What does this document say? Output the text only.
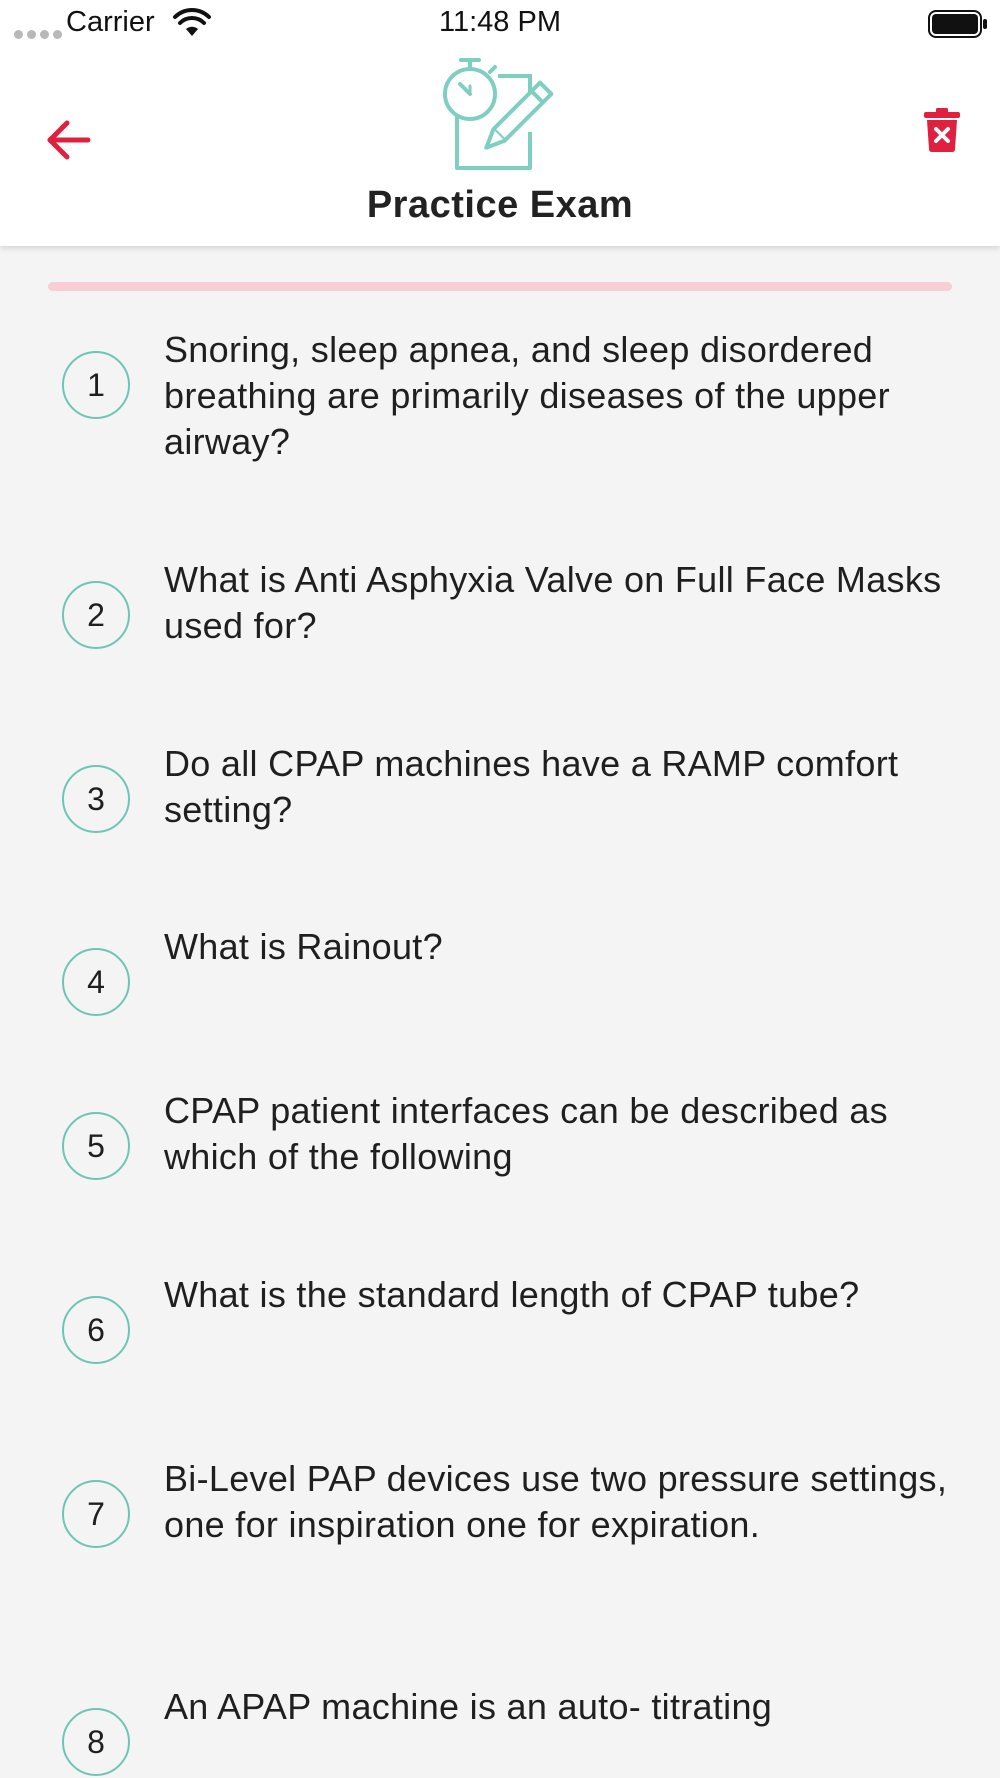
Carrier	11:48 PM
Practice Exam
1
Snoring, sleep apnea, and sleep disordered breathing are primarily diseases of the upper airway?
2
What is Anti Asphyxia Valve on Full Face Masks used for?
3
Do all CPAP machines have a RAMP comfort setting?
4
What is Rainout?
5
CPAP patient interfaces can be described as which of the following
6
What is the standard length of CPAP tube?
7
Bi-Level PAP devices use two pressure settings, one for inspiration one for expiration.
8
An APAP machine is an auto- titrating
